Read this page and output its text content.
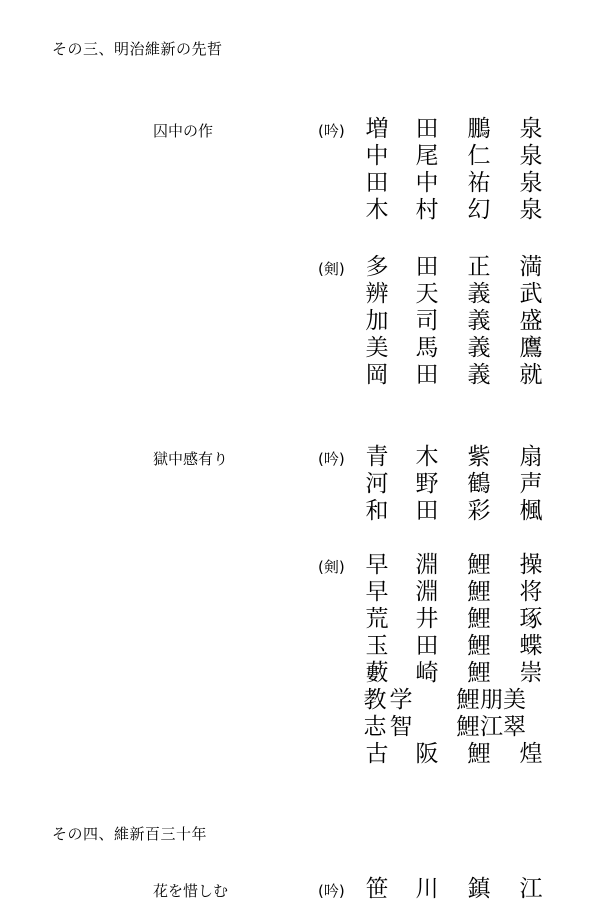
その三、明治維新の先哲
その四、維新百三十年
囚中の作
獄中感有り
花を惜しむ
(吟)
(剣)
(吟)
(剣)
(吟)
増 田 鵬 泉
中 尾 仁 泉
田 中 祐 泉
木 村 幻 泉
多 田 正 満
辨 天 義 武
加 司 義 盛
美 馬 義 鷹
岡 田 義 就
青 木 紫 扇
河 野 鶴 声
和 田 彩 楓
早 淵 鯉 操
早 淵 鯉 将
荒 井 鯉 琢
玉 田 鯉 蝶
藪 崎 鯉 崇
教 学 鯉 朋美
志 智 鯉 江翠
古 阪 鯉 煌
笹 川 鎮 江
